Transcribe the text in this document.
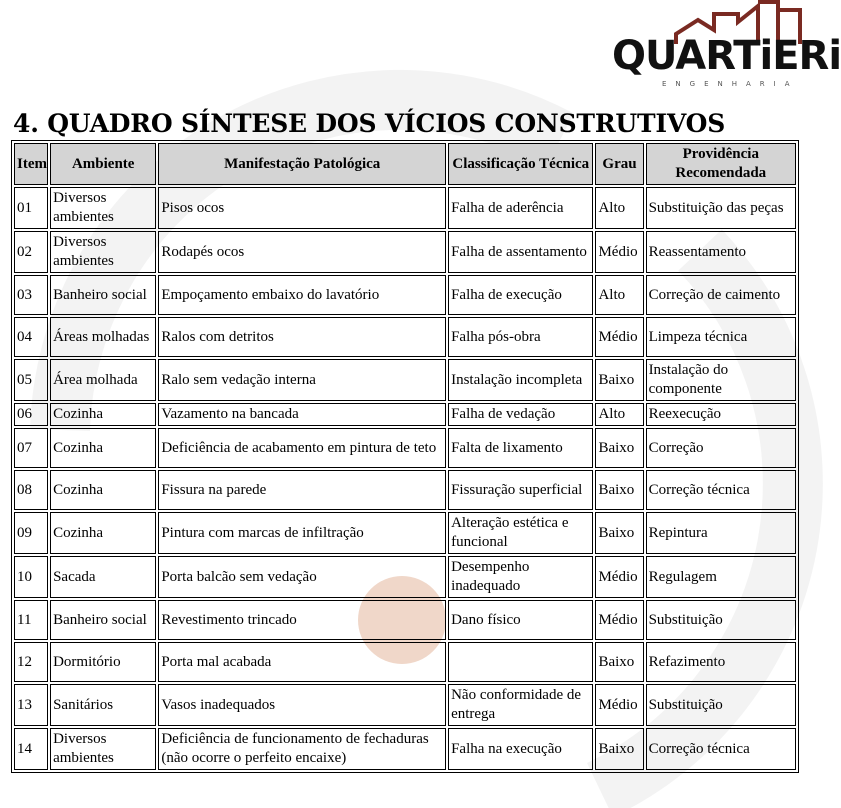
QUARTiERi
ENGENHARIA
4. QUADRO SÍNTESE DOS VÍCIOS CONSTRUTIVOS
Item	Ambiente	Manifestação Patológica	Classificação Técnica	Grau	Providência Recomendada
01	Diversos ambientes	Pisos ocos	Falha de aderência	Alto	Substituição das peças
02	Diversos ambientes	Rodapés ocos	Falha de assentamento	Médio	Reassentamento
03	Banheiro social	Empoçamento embaixo do lavatório	Falha de execução	Alto	Correção de caimento
04	Áreas molhadas	Ralos com detritos	Falha pós-obra	Médio	Limpeza técnica
05	Área molhada	Ralo sem vedação interna	Instalação incompleta	Baixo	Instalação do componente
06	Cozinha	Vazamento na bancada	Falha de vedação	Alto	Reexecução
07	Cozinha	Deficiência de acabamento em pintura de teto	Falta de lixamento	Baixo	Correção
08	Cozinha	Fissura na parede	Fissuração superficial	Baixo	Correção técnica
09	Cozinha	Pintura com marcas de infiltração	Alteração estética e funcional	Baixo	Repintura
10	Sacada	Porta balcão sem vedação	Desempenho inadequado	Médio	Regulagem
11	Banheiro social	Revestimento trincado	Dano físico	Médio	Substituição
12	Dormitório	Porta mal acabada		Baixo	Refazimento
13	Sanitários	Vasos inadequados	Não conformidade de entrega	Médio	Substituição
14	Diversos ambientes	Deficiência de funcionamento de fechaduras (não ocorre o perfeito encaixe)	Falha na execução	Baixo	Correção técnica
